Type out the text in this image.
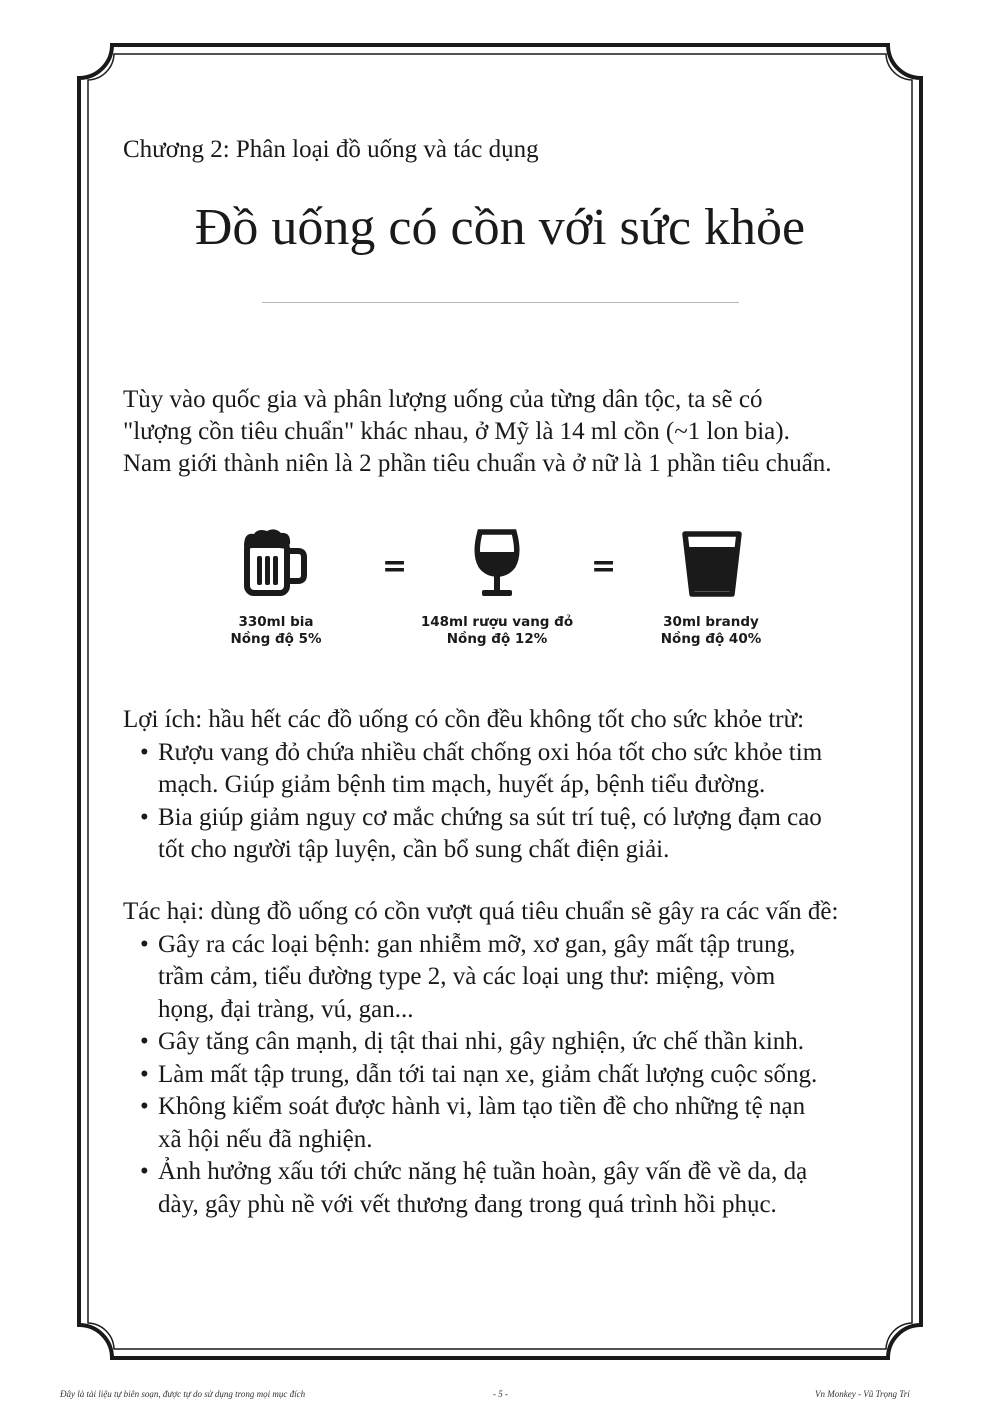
Chương 2: Phân loại đồ uống và tác dụng
Đồ uống có cồn với sức khỏe

Tùy vào quốc gia và phân lượng uống của từng dân tộc, ta sẽ có

"lượng cồn tiêu chuẩn" khác nhau, ở Mỹ là 14 ml cồn (~1 lon bia).

Nam giới thành niên là 2 phần tiêu chuẩn và ở nữ là 1 phần tiêu chuẩn.

=	=
330ml bia
Nồng độ 5%
148ml rượu vang đỏ
Nồng độ 12%
30ml brandy
Nồng độ 40%

Lợi ích: hầu hết các đồ uống có cồn đều không tốt cho sức khỏe trừ:

• Rượu vang đỏ chứa nhiều chất chống oxi hóa tốt cho sức khỏe tim
mạch. Giúp giảm bệnh tim mạch, huyết áp, bệnh tiểu đường.
• Bia giúp giảm nguy cơ mắc chứng sa sút trí tuệ, có lượng đạm cao
tốt cho người tập luyện, cần bổ sung chất điện giải.

Tác hại: dùng đồ uống có cồn vượt quá tiêu chuẩn sẽ gây ra các vấn đề:

• Gây ra các loại bệnh: gan nhiễm mỡ, xơ gan, gây mất tập trung,
trầm cảm, tiểu đường type 2, và các loại ung thư: miệng, vòm
họng, đại tràng, vú, gan...
• Gây tăng cân mạnh, dị tật thai nhi, gây nghiện, ức chế thần kinh.
• Làm mất tập trung, dẫn tới tai nạn xe, giảm chất lượng cuộc sống.
• Không kiểm soát được hành vi, làm tạo tiền đề cho những tệ nạn
xã hội nếu đã nghiện.
• Ảnh hưởng xấu tới chức năng hệ tuần hoàn, gây vấn đề về da, dạ
dày, gây phù nề với vết thương đang trong quá trình hồi phục.
Đây là tài liệu tự biên soạn, được tự do sử dụng trong mọi mục đích	- 5 -	Vn Monkey - Vũ Trọng Trí
